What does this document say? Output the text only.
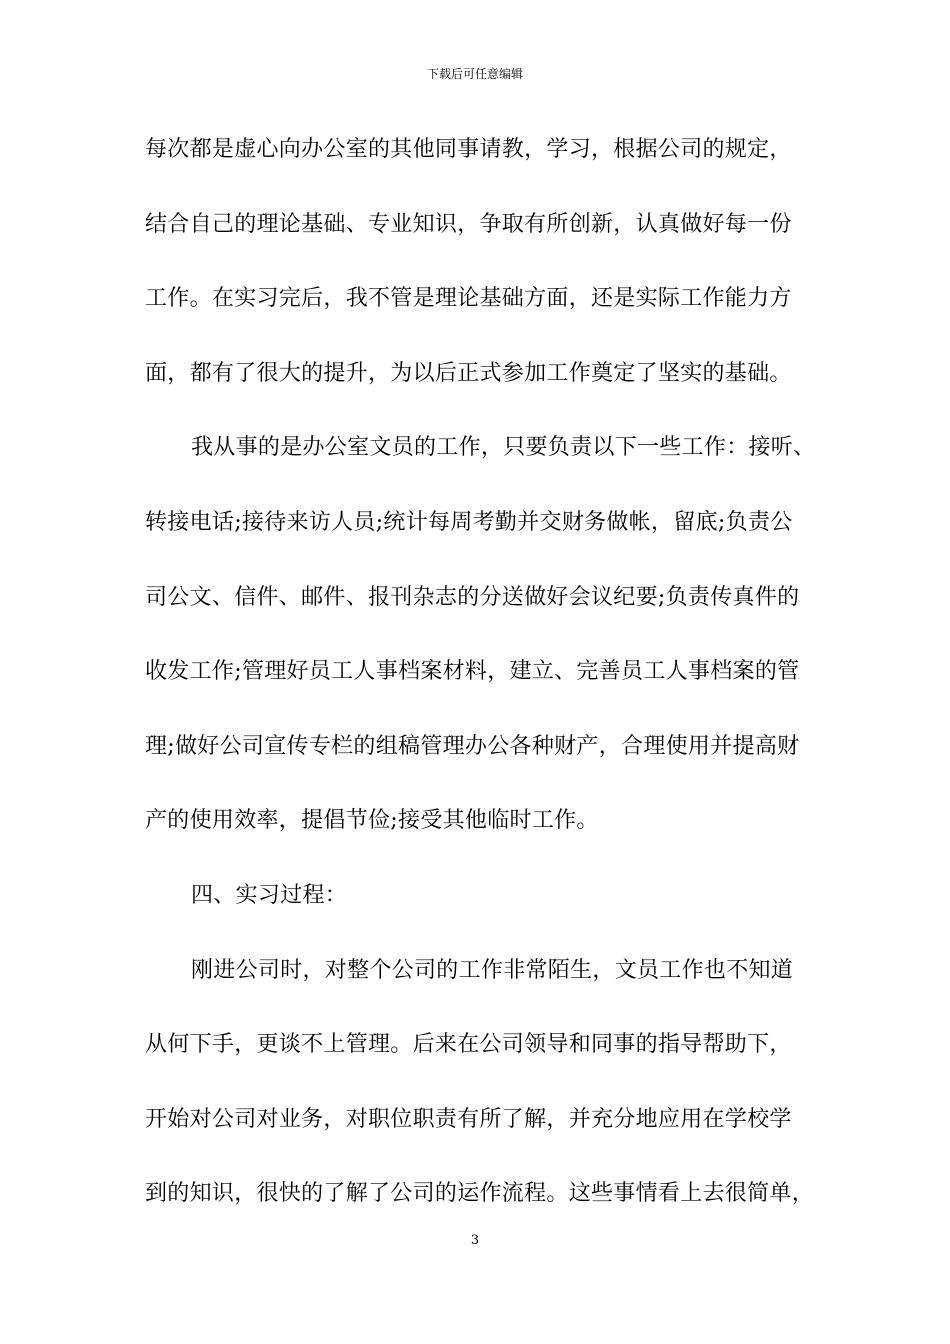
下载后可任意编辑
每次都是虚心向办公室的其他同事请教，学习，根据公司的规定，
结合自己的理论基础、专业知识，争取有所创新，认真做好每一份
工作。在实习完后，我不管是理论基础方面，还是实际工作能力方
面，都有了很大的提升，为以后正式参加工作奠定了坚实的基础。
我从事的是办公室文员的工作，只要负责以下一些工作：接听、
转接电话;接待来访人员;统计每周考勤并交财务做帐，留底;负责公
司公文、信件、邮件、报刊杂志的分送做好会议纪要;负责传真件的
收发工作;管理好员工人事档案材料，建立、完善员工人事档案的管
理;做好公司宣传专栏的组稿管理办公各种财产，合理使用并提高财
产的使用效率，提倡节俭;接受其他临时工作。
四、实习过程：
刚进公司时，对整个公司的工作非常陌生，文员工作也不知道
从何下手，更谈不上管理。后来在公司领导和同事的指导帮助下，
开始对公司对业务，对职位职责有所了解，并充分地应用在学校学
到的知识，很快的了解了公司的运作流程。这些事情看上去很简单，
3
